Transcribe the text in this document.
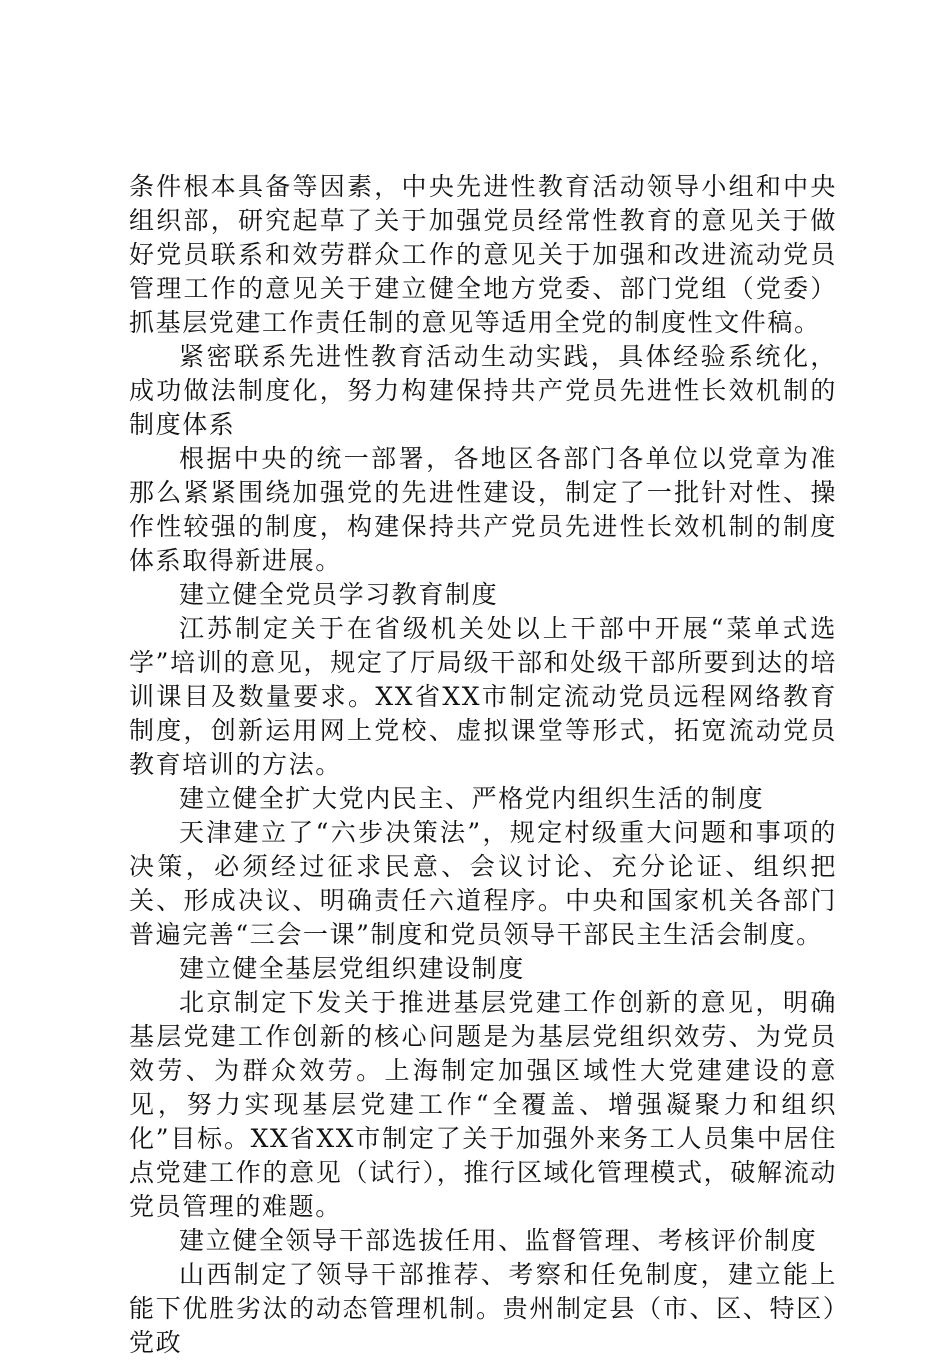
条件根本具备等因素，中央先进性教育活动领导小组和中央组织部，研究起草了关于加强党员经常性教育的意见关于做好党员联系和效劳群众工作的意见关于加强和改进流动党员管理工作的意见关于建立健全地方党委、部门党组（党委）抓基层党建工作责任制的意见等适用全党的制度性文件稿。

紧密联系先进性教育活动生动实践，具体经验系统化，成功做法制度化，努力构建保持共产党员先进性长效机制的制度体系

根据中央的统一部署，各地区各部门各单位以党章为准那么紧紧围绕加强党的先进性建设，制定了一批针对性、操作性较强的制度，构建保持共产党员先进性长效机制的制度体系取得新进展。

建立健全党员学习教育制度

江苏制定关于在省级机关处以上干部中开展“菜单式选学”培训的意见，规定了厅局级干部和处级干部所要到达的培训课目及数量要求。XX省XX市制定流动党员远程网络教育制度，创新运用网上党校、虚拟课堂等形式，拓宽流动党员教育培训的方法。

建立健全扩大党内民主、严格党内组织生活的制度

天津建立了“六步决策法”，规定村级重大问题和事项的决策，必须经过征求民意、会议讨论、充分论证、组织把关、形成决议、明确责任六道程序。中央和国家机关各部门普遍完善“三会一课”制度和党员领导干部民主生活会制度。

建立健全基层党组织建设制度

北京制定下发关于推进基层党建工作创新的意见，明确基层党建工作创新的核心问题是为基层党组织效劳、为党员效劳、为群众效劳。上海制定加强区域性大党建建设的意见，努力实现基层党建工作“全覆盖、增强凝聚力和组织化”目标。XX省XX市制定了关于加强外来务工人员集中居住点党建工作的意见（试行），推行区域化管理模式，破解流动党员管理的难题。

建立健全领导干部选拔任用、监督管理、考核评价制度

山西制定了领导干部推荐、考察和任免制度，建立能上能下优胜劣汰的动态管理机制。贵州制定县（市、区、特区）党政
